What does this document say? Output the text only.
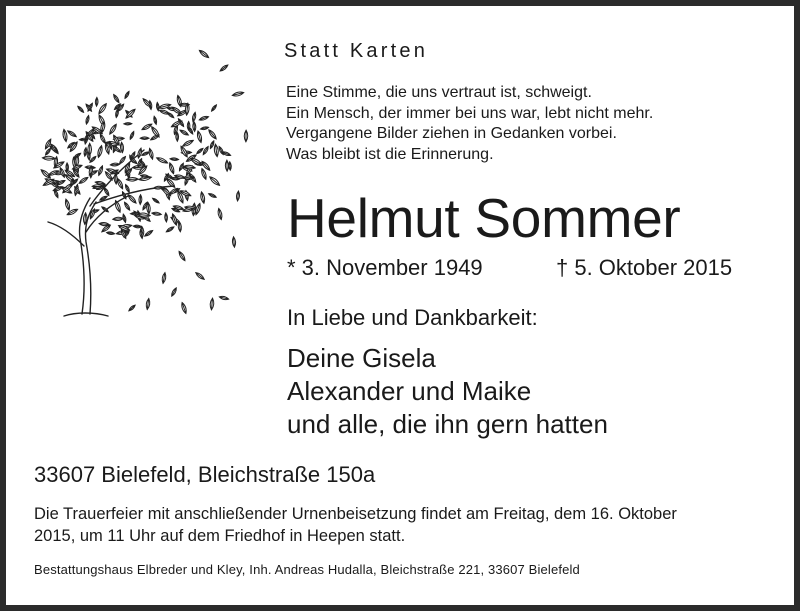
Statt Karten
Eine Stimme, die uns vertraut ist, schweigt.
Ein Mensch, der immer bei uns war, lebt nicht mehr.
Vergangene Bilder ziehen in Gedanken vorbei.
Was bleibt ist die Erinnerung.
Helmut Sommer
* 3. November 1949	† 5. Oktober 2015
In Liebe und Dankbarkeit:
Deine Gisela
Alexander und Maike
und alle, die ihn gern hatten
33607 Bielefeld, Bleichstraße 150a
Die Trauerfeier mit anschließender Urnenbeisetzung findet am Freitag, dem 16. Oktober
2015, um 11 Uhr auf dem Friedhof in Heepen statt.
Bestattungshaus Elbreder und Kley, Inh. Andreas Hudalla, Bleichstraße 221, 33607 Bielefeld
